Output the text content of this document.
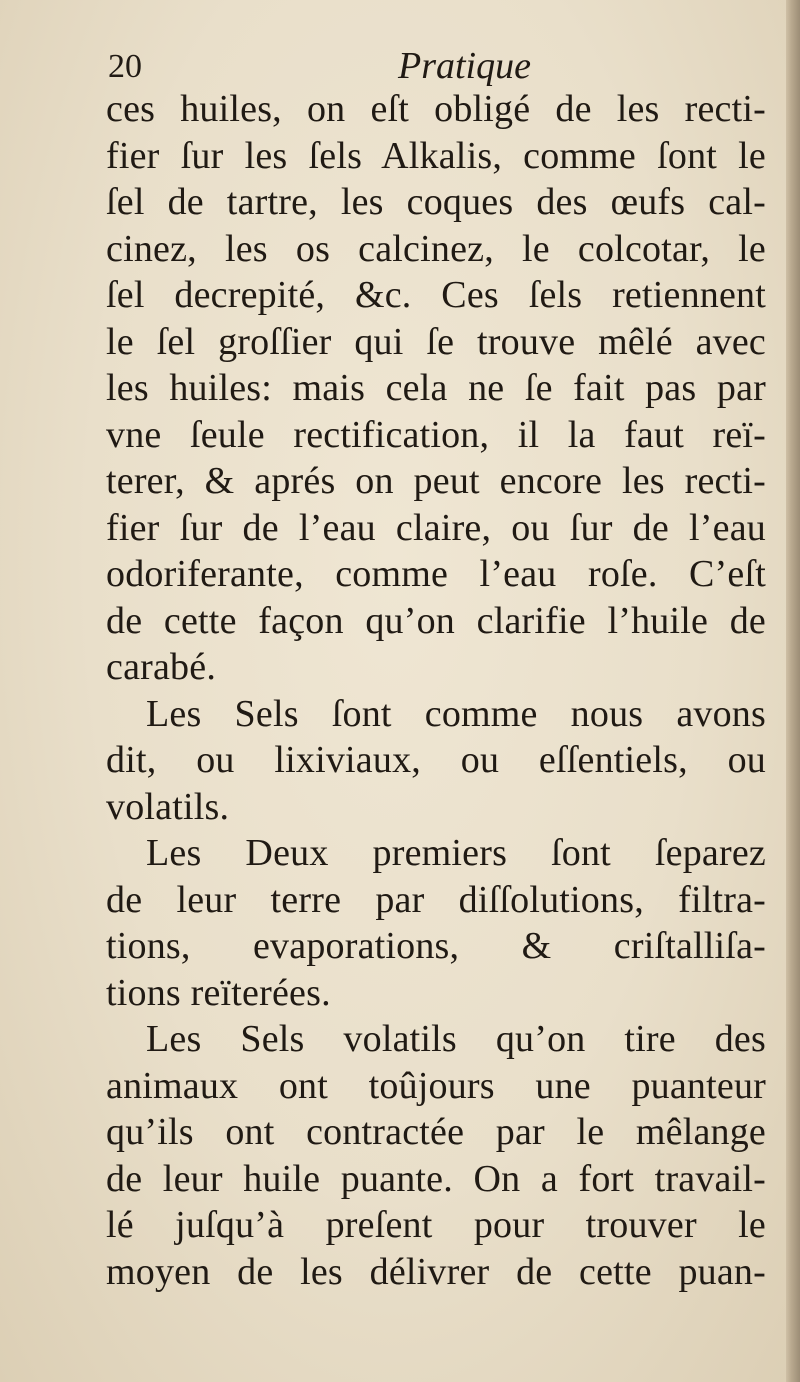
20	Pratique
ces huiles, on eſt obligé de les recti-
fier ſur les ſels Alkalis, comme ſont le
ſel de tartre, les coques des œufs cal-
cinez, les os calcinez, le colcotar, le
ſel decrepité, &c. Ces ſels retiennent
le ſel groſſier qui ſe trouve mêlé avec
les huiles: mais cela ne ſe fait pas par
vne ſeule rectification, il la faut reï-
terer, & aprés on peut encore les recti-
fier ſur de l’eau claire, ou ſur de l’eau
odoriferante, comme l’eau roſe. C’eſt
de cette façon qu’on clarifie l’huile de
carabé.
Les Sels ſont comme nous avons
dit, ou lixiviaux, ou eſſentiels, ou
volatils.
Les Deux premiers ſont ſeparez
de leur terre par diſſolutions, filtra-
tions, evaporations, & criſtalliſa-
tions reïterées.
Les Sels volatils qu’on tire des
animaux ont toûjours une puanteur
qu’ils ont contractée par le mêlange
de leur huile puante. On a fort travail-
lé juſqu’à preſent pour trouver le
moyen de les délivrer de cette puan-
